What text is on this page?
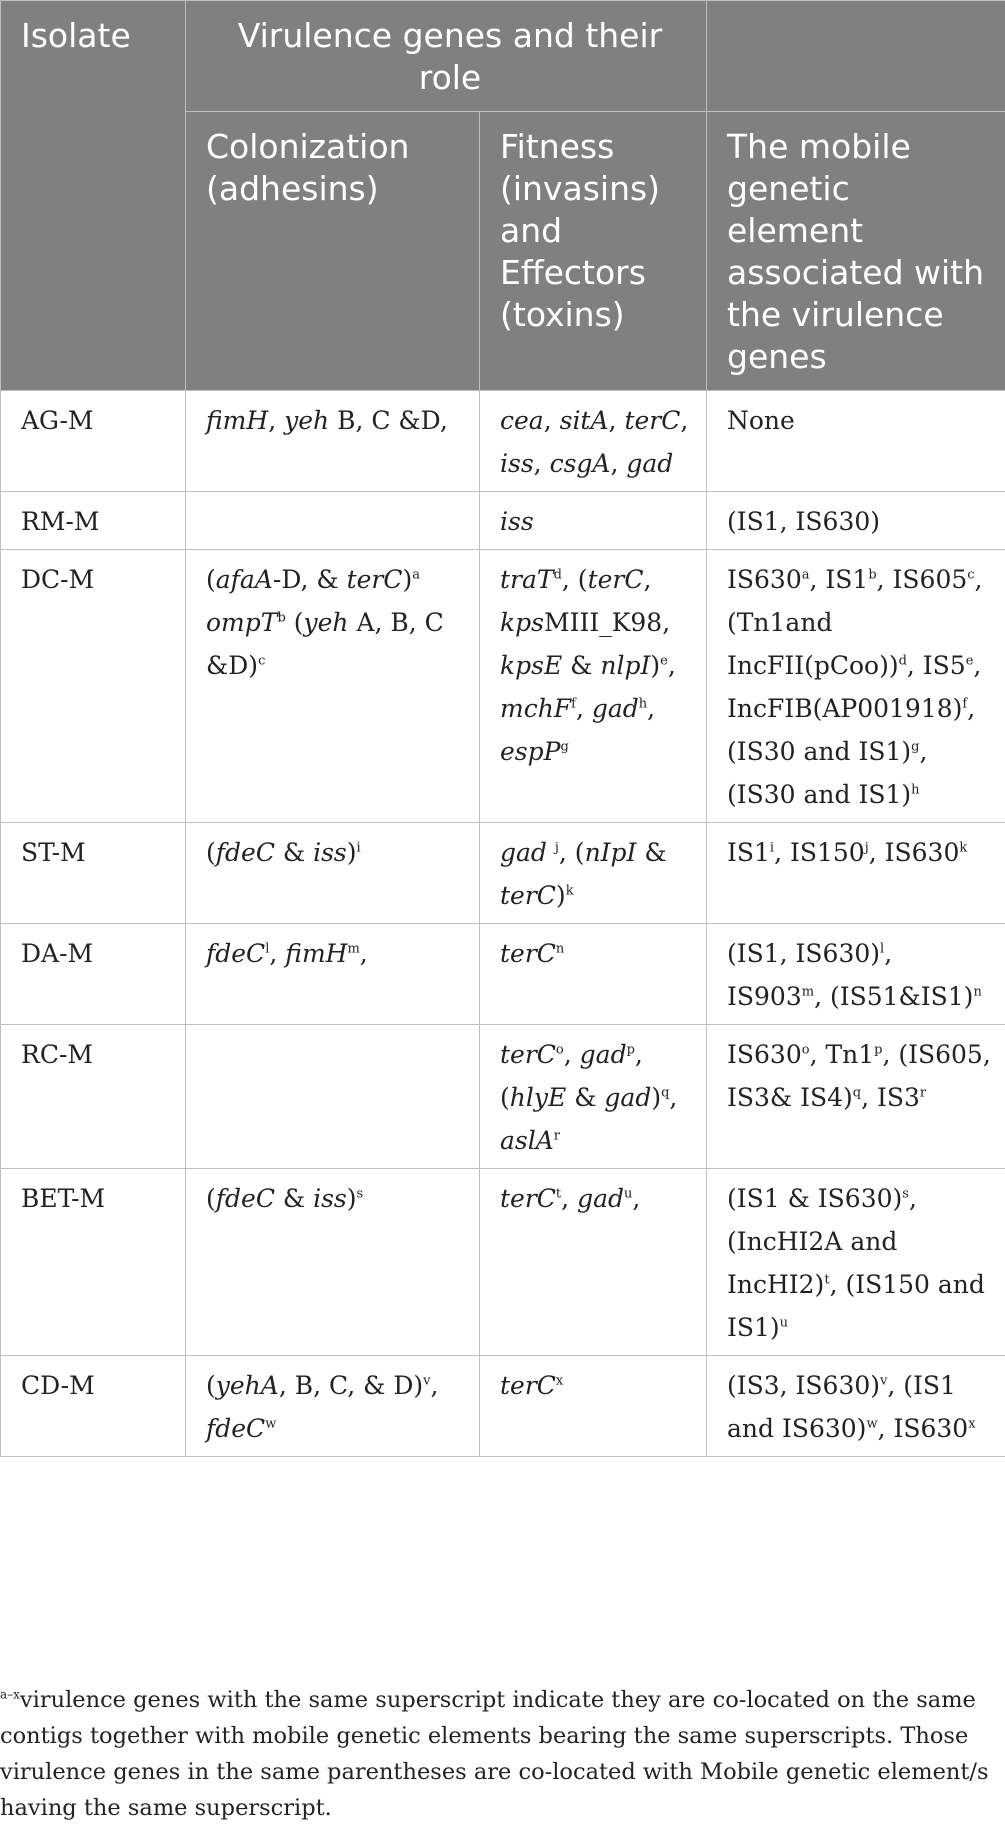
Isolate	Virulence genes and their role		
	Colonization (adhesins)	Fitness (invasins) and Effectors (toxins)	The mobile genetic element associated with the virulence genes
AG-M	fimH, yeh B, C &D,	cea, sitA, terC, iss, csgA, gad	None
RM-M		iss	(IS1, IS630)
DC-M	(afaA-D, & terC)$^a$ ompT$^b$ (yeh A, B, C &D)$^c$	traT$^d$, (terC, kpsMIII_K98, kpsE & nlpI)$^e$, mchF$^f$, gad$^h$, espP$^g$	IS630$^a$, IS1$^b$, IS605$^c$, (Tn1and IncFII(pCoo))$^d$, IS5e, $IncFIB(AP001918)^f$, (IS30 and IS1)$^g$, (IS30 and IS1)$^h$
ST-M	(fdeC & iss)$^i$	gad $^j$, (nIpI & terC)$^k$	IS1$^i$, IS150$^j$, IS630$^k$
DA-M	fdeC$^l$, fimH$^m$,	terC$^n$	(IS1, IS630)$^l$, IS903$^m$, (IS51&IS1)$^n$
RC-M		terC$^o$, gad$^p$, (hlyE & gad)$^q$, aslA$^r$	IS630$^o$, Tn1$^p$, (IS605, IS3& IS4)$^q$, IS3$^r$
BET-M	(fdeC & iss)$^s$	terC$^t$, gad$^u$,	(IS1 & IS630)$^s$, (IncHI2A and IncHI2)$^t$, (IS150 and IS1)$^u$
CD-M	(yehA, B, C, & D)$^v$, fdeC$^w$	terC$^x$	(IS3, IS630)$^v$, (IS1 and IS630)$^w$, IS630$^x$
$^{a-x}$virulence genes with the same superscript indicate they are co-located on the same contigs together with mobile genetic elements bearing the same superscripts. Those virulence genes in the same parentheses are co-located with Mobile genetic element/s having the same superscript.
